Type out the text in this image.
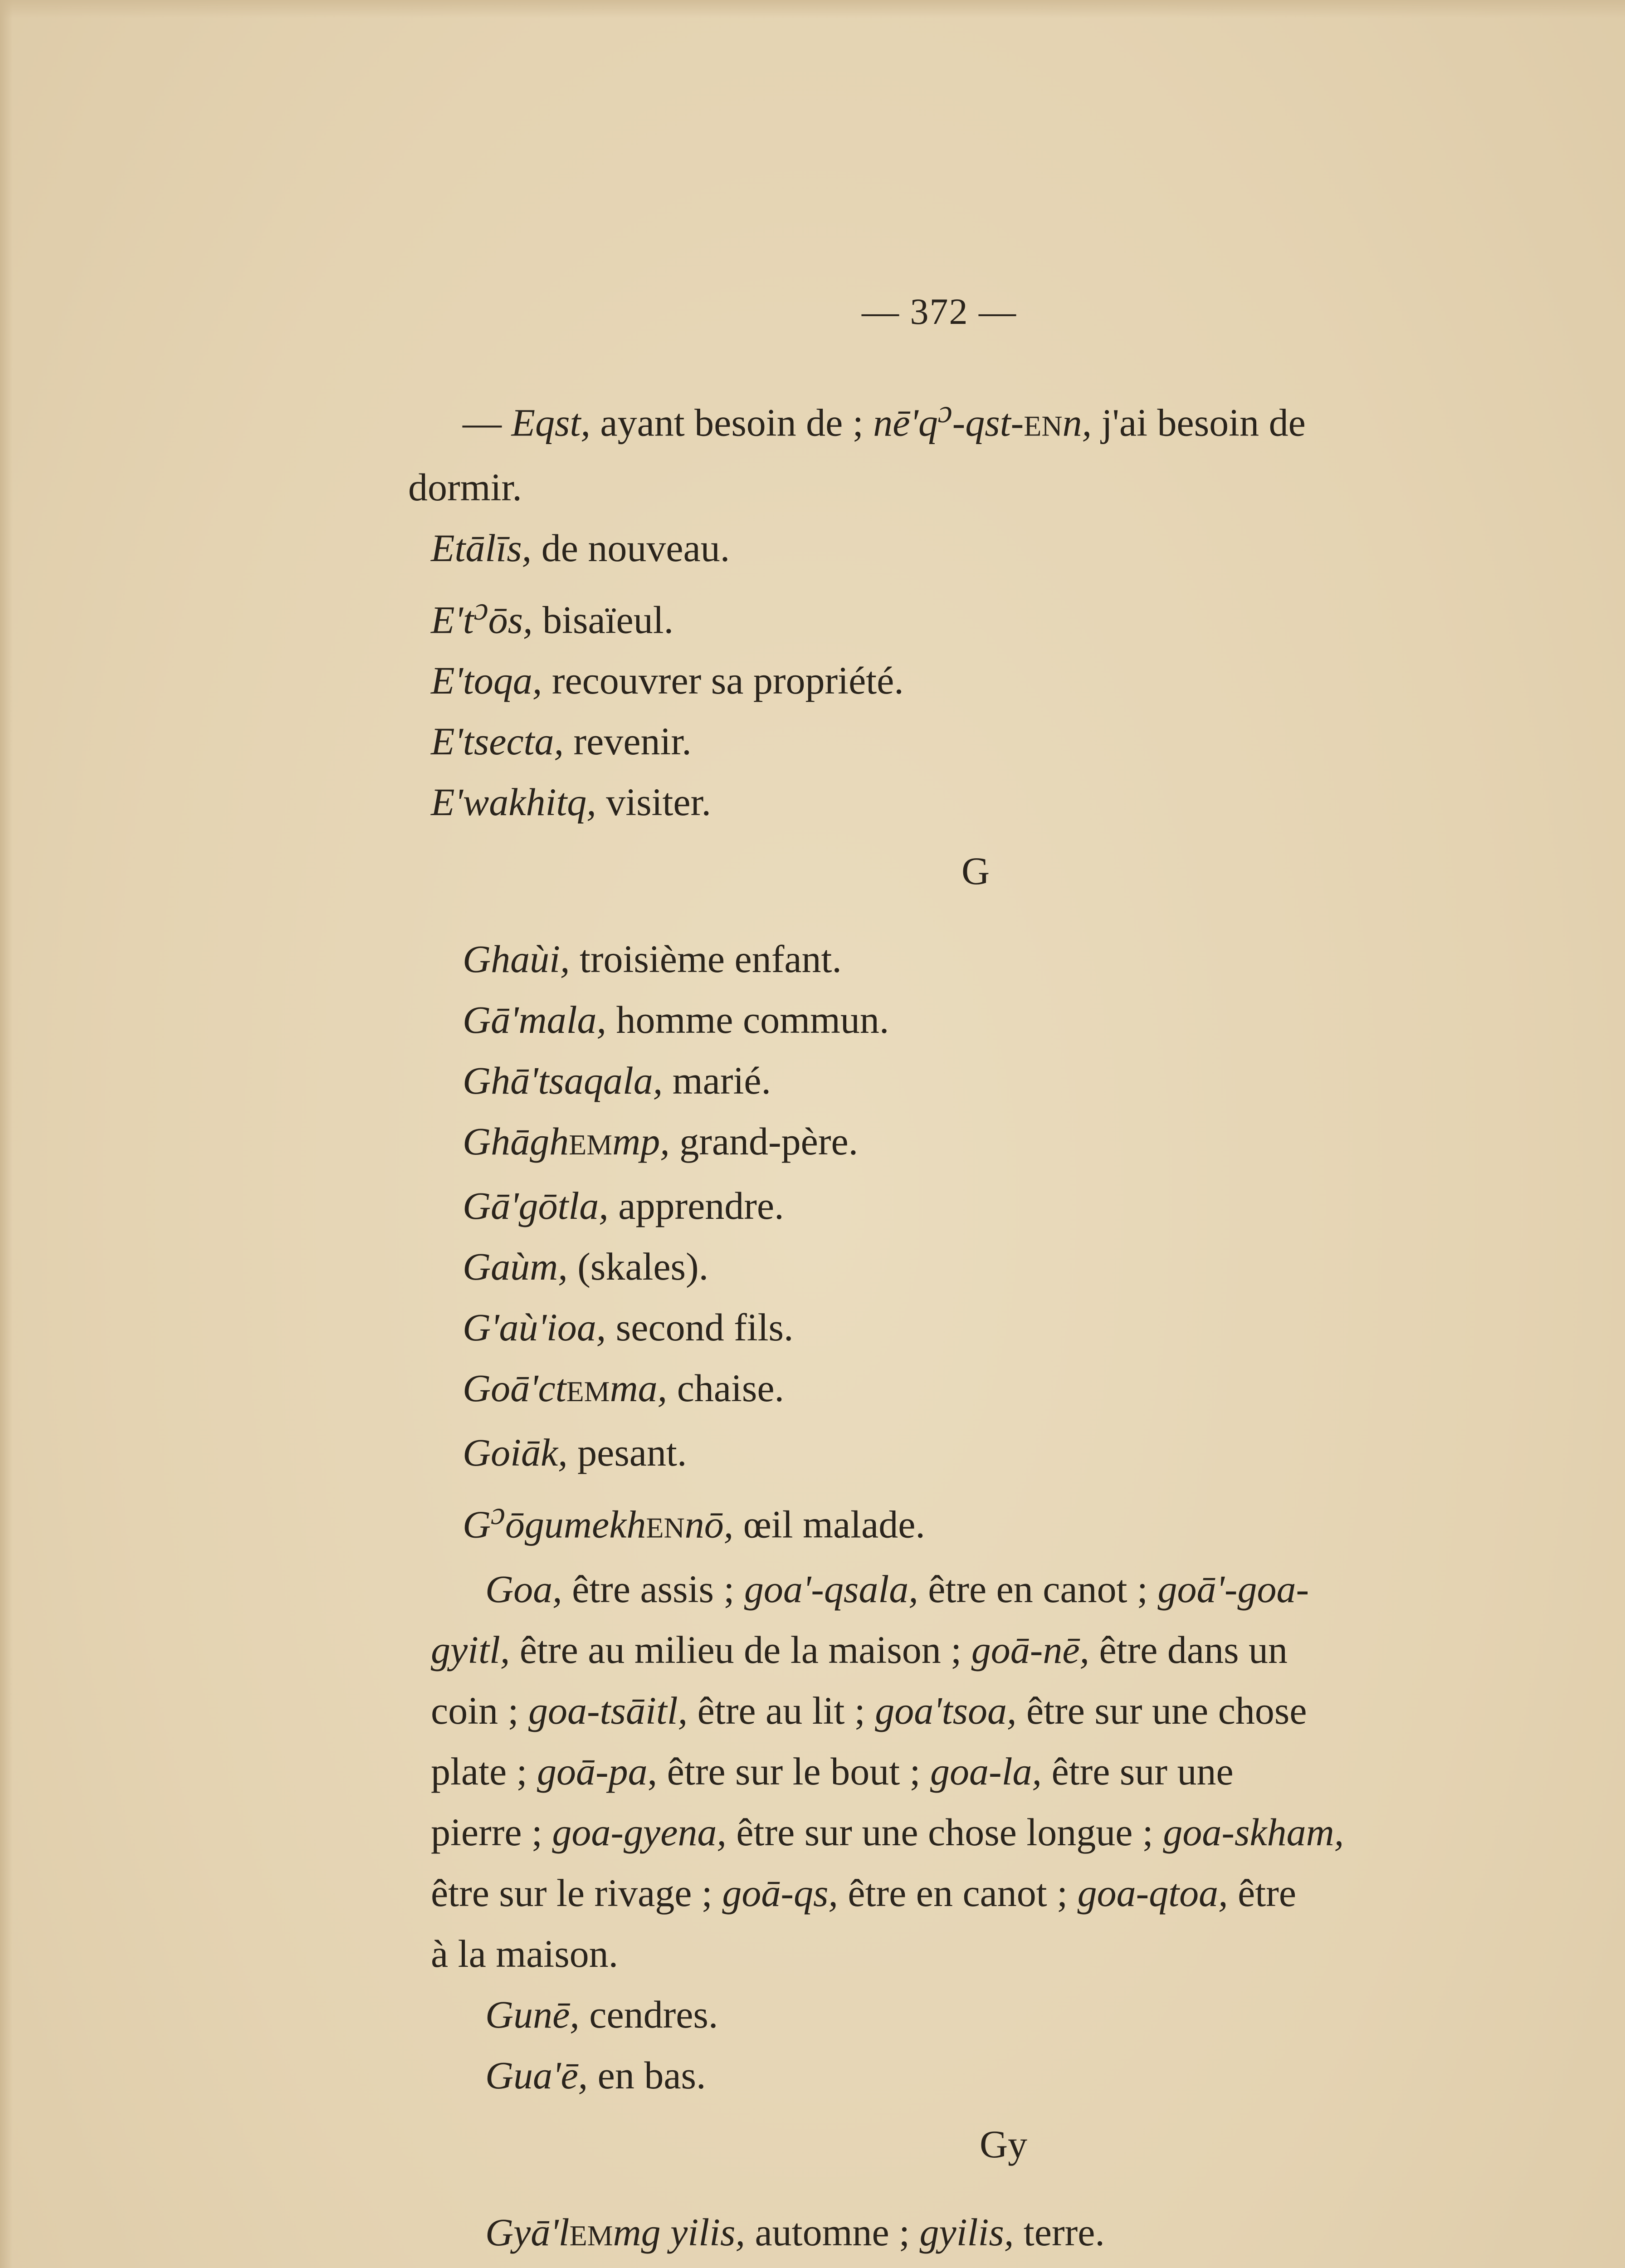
— 372 —
— Eqst, ayant besoin de ; $nē'q^ɔ-qst$-ENn, j'ai besoin de
dormir.
Etālīs, de nouveau.
$E't^ɔōs$, bisaïeul.
E'toqa, recouvrer sa propriété.
E'tsecta, revenir.
E'wakhitq, visiter.
G
Ghaùi, troisième enfant.
Gā'mala, homme commun.
Ghā'tsaqala, marié.
GhāghEMmp, grand-père.
Gā'gōtla, apprendre.
Gaùm, (skales).
G'aù'ioa, second fils.
Goā'ctEMma, chaise.
Goiāk, pesant.
$G^ɔōgumekhENnō$, œil malade.
Goa, être assis ; goa'-qsala, être en canot ; goā'-goa-
gyitl, être au milieu de la maison ; goā-nē, être dans un
coin ; goa-tsāitl, être au lit ; goa'tsoa, être sur une chose
plate ; goā-pa, être sur le bout ; goa-la, être sur une
pierre ; goa-gyena, être sur une chose longue ; goa-skham,
être sur le rivage ; goā-qs, être en canot ; goa-qtoa, être
à la maison.
Gunē, cendres.
Gua'ē, en bas.
Gy
Gyā'lEMmg yilis, automne ; gyilis, terre.
